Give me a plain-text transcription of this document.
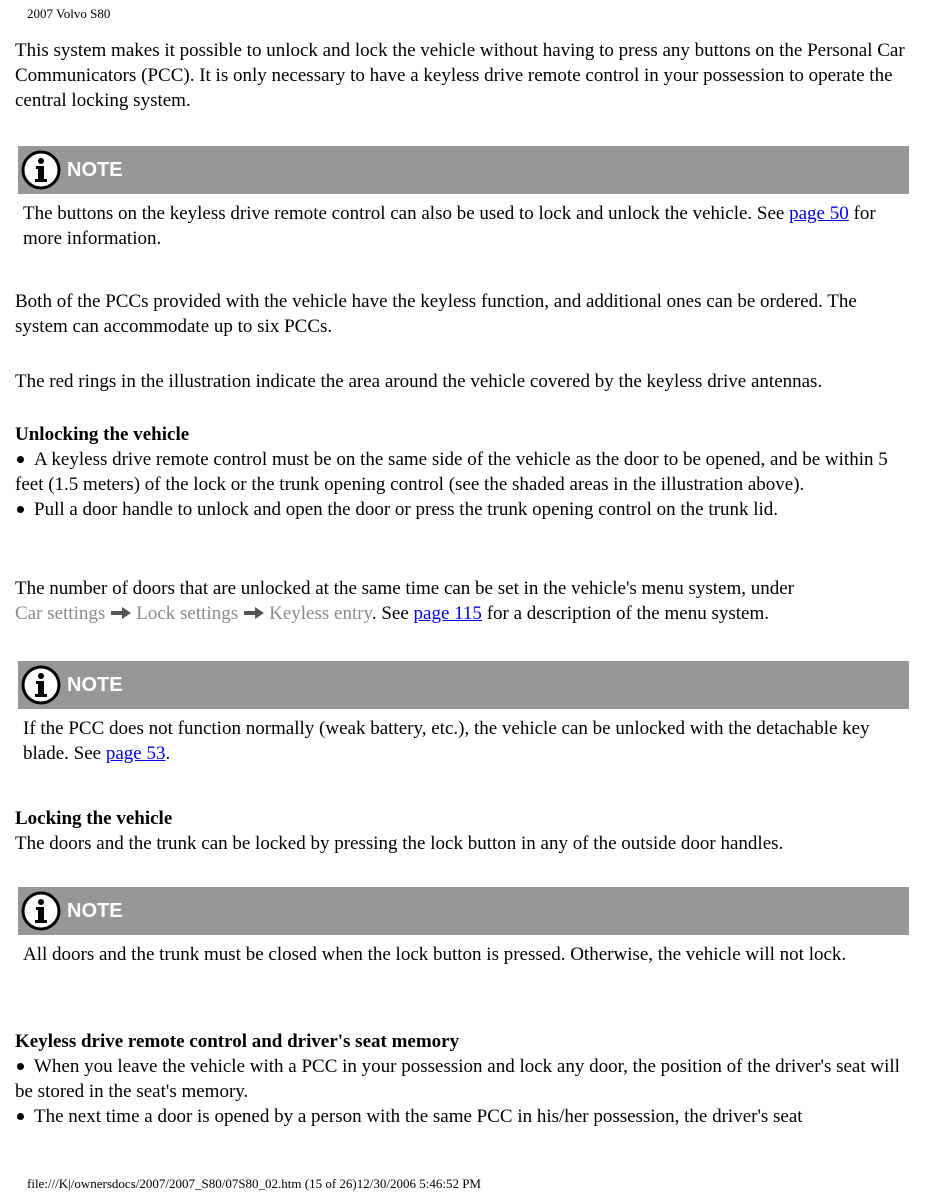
2007 Volvo S80

This system makes it possible to unlock and lock the vehicle without having to press any buttons on the Personal Car Communicators (PCC). It is only necessary to have a keyless drive remote control in your possession to operate the central locking system.

NOTE

The buttons on the keyless drive remote control can also be used to lock and unlock the vehicle. See page 50 for more information.

Both of the PCCs provided with the vehicle have the keyless function, and additional ones can be ordered. The system can accommodate up to six PCCs.

The red rings in the illustration indicate the area around the vehicle covered by the keyless drive antennas.

Unlocking the vehicle
A keyless drive remote control must be on the same side of the vehicle as the door to be opened, and be within 5 feet (1.5 meters) of the lock or the trunk opening control (see the shaded areas in the illustration above).
Pull a door handle to unlock and open the door or press the trunk opening control on the trunk lid.

The number of doors that are unlocked at the same time can be set in the vehicle's menu system, under
Car settings Lock settings Keyless entry. See page 115 for a description of the menu system.

NOTE

If the PCC does not function normally (weak battery, etc.), the vehicle can be unlocked with the detachable key blade. See page 53.

Locking the vehicle
The doors and the trunk can be locked by pressing the lock button in any of the outside door handles.
NOTE

All doors and the trunk must be closed when the lock button is pressed. Otherwise, the vehicle will not lock.

Keyless drive remote control and driver's seat memory
When you leave the vehicle with a PCC in your possession and lock any door, the position of the driver's seat will be stored in the seat's memory.
The next time a door is opened by a person with the same PCC in his/her possession, the driver's seat
file:///K|/ownersdocs/2007/2007_S80/07S80_02.htm (15 of 26)12/30/2006 5:46:52 PM
